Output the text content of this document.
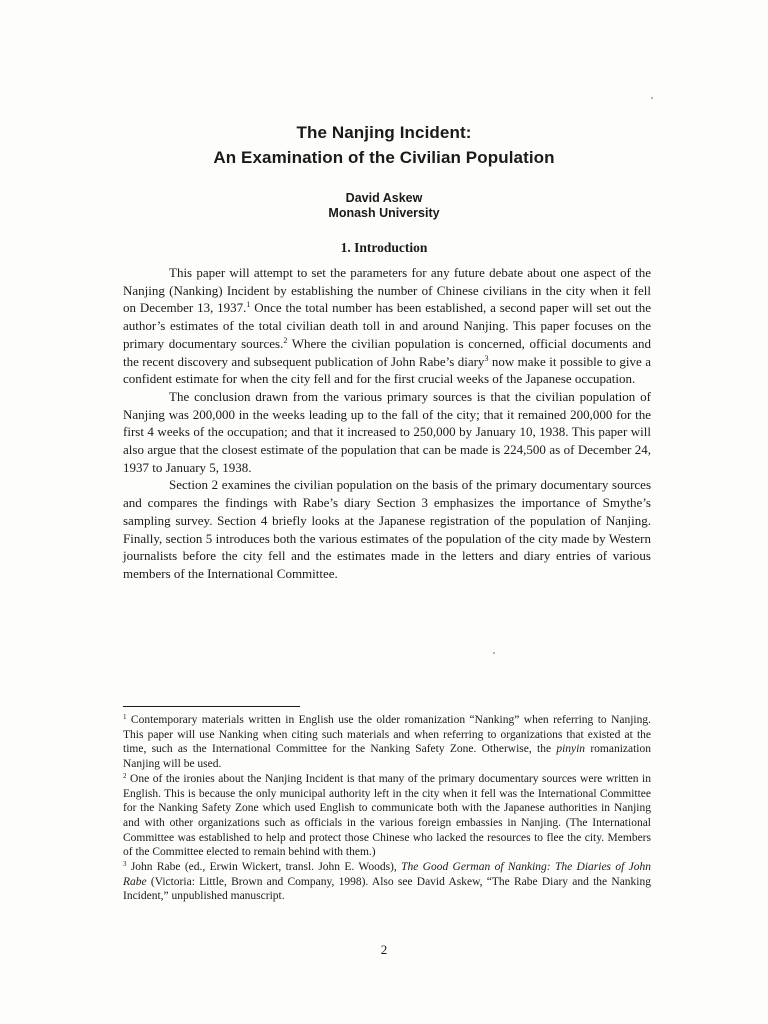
The Nanjing Incident:
An Examination of the Civilian Population
David Askew
Monash University
1. Introduction

This paper will attempt to set the parameters for any future debate about one aspect of the Nanjing (Nanking) Incident by establishing the number of Chinese civilians in the city when it fell on December 13, 1937.$^1$ Once the total number has been established, a second paper will set out the author’s estimates of the total civilian death toll in and around Nanjing. This paper focuses on the primary documentary sources.$^2$ Where the civilian population is concerned, official documents and the recent discovery and subsequent publication of John Rabe’s diary$^3$ now make it possible to give a confident estimate for when the city fell and for the first crucial weeks of the Japanese occupation.

The conclusion drawn from the various primary sources is that the civilian population of Nanjing was 200,000 in the weeks leading up to the fall of the city; that it remained 200,000 for the first 4 weeks of the occupation; and that it increased to 250,000 by January 10, 1938. This paper will also argue that the closest estimate of the population that can be made is 224,500 as of December 24, 1937 to January 5, 1938.

Section 2 examines the civilian population on the basis of the primary documentary sources and compares the findings with Rabe’s diary Section 3 emphasizes the importance of Smythe’s sampling survey. Section 4 briefly looks at the Japanese registration of the population of Nanjing. Finally, section 5 introduces both the various estimates of the population of the city made by Western journalists before the city fell and the estimates made in the letters and diary entries of various members of the International Committee.

$^1$ Contemporary materials written in English use the older romanization “Nanking” when referring to Nanjing. This paper will use Nanking when citing such materials and when referring to organizations that existed at the time, such as the International Committee for the Nanking Safety Zone. Otherwise, the pinyin romanization Nanjing will be used.

$^2$ One of the ironies about the Nanjing Incident is that many of the primary documentary sources were written in English. This is because the only municipal authority left in the city when it fell was the International Committee for the Nanking Safety Zone which used English to communicate both with the Japanese authorities in Nanjing and with other organizations such as officials in the various foreign embassies in Nanjing. (The International Committee was established to help and protect those Chinese who lacked the resources to flee the city. Members of the Committee elected to remain behind with them.)

$^3$ John Rabe (ed., Erwin Wickert, transl. John E. Woods), The Good German of Nanking: The Diaries of John Rabe (Victoria: Little, Brown and Company, 1998). Also see David Askew, “The Rabe Diary and the Nanking Incident,” unpublished manuscript.

2
